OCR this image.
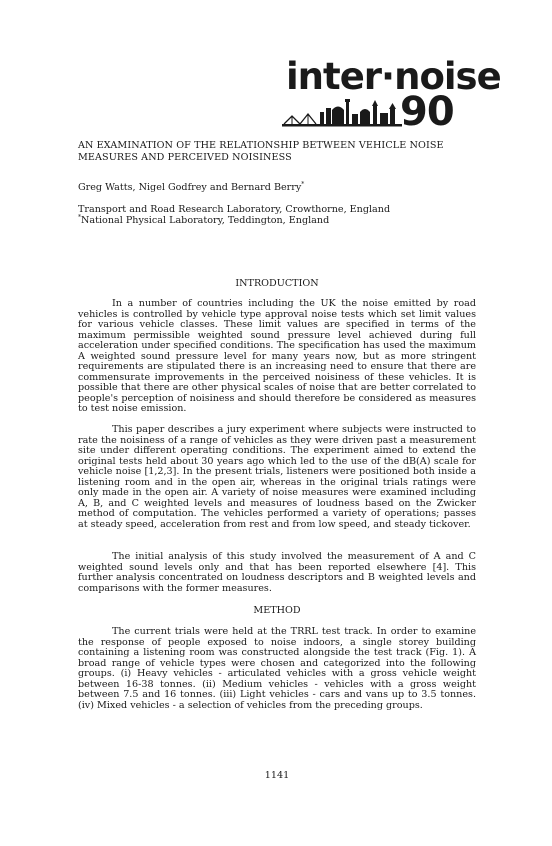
inter·noise
90
AN EXAMINATION OF THE RELATIONSHIP BETWEEN VEHICLE NOISE MEASURES AND PERCEIVED NOISINESS
Greg Watts, Nigel Godfrey and Bernard Berry*
Transport and Road Research Laboratory, Crowthorne, England
*National Physical Laboratory, Teddington, England
INTRODUCTION

In a number of countries including the UK the noise emitted by road vehicles is controlled by vehicle type approval noise tests which set limit values for various vehicle classes. These limit values are specified in terms of the maximum permissible weighted sound pressure level achieved during full acceleration under specified conditions. The specification has used the maximum A weighted sound pressure level for many years now, but as more stringent requirements are stipulated there is an increasing need to ensure that there are commensurate improvements in the perceived noisiness of these vehicles. It is possible that there are other physical scales of noise that are better correlated to people's perception of noisiness and should therefore be considered as measures to test noise emission.

This paper describes a jury experiment where subjects were instructed to rate the noisiness of a range of vehicles as they were driven past a measurement site under different operating conditions. The experiment aimed to extend the original tests held about 30 years ago which led to the use of the dB(A) scale for vehicle noise [1,2,3]. In the present trials, listeners were positioned both inside a listening room and in the open air, whereas in the original trials ratings were only made in the open air. A variety of noise measures were examined including A, B, and C weighted levels and measures of loudness based on the Zwicker method of computation. The vehicles performed a variety of operations; passes at steady speed, acceleration from rest and from low speed, and steady tickover.

The initial analysis of this study involved the measurement of A and C weighted sound levels only and that has been reported elsewhere [4]. This further analysis concentrated on loudness descriptors and B weighted levels and comparisons with the former measures.

METHOD

The current trials were held at the TRRL test track. In order to examine the response of people exposed to noise indoors, a single storey building containing a listening room was constructed alongside the test track (Fig. 1). A broad range of vehicle types were chosen and categorized into the following groups. (i) Heavy vehicles - articulated vehicles with a gross vehicle weight between 16-38 tonnes. (ii) Medium vehicles - vehicles with a gross weight between 7.5 and 16 tonnes. (iii) Light vehicles - cars and vans up to 3.5 tonnes. (iv) Mixed vehicles - a selection of vehicles from the preceding groups.

1141
